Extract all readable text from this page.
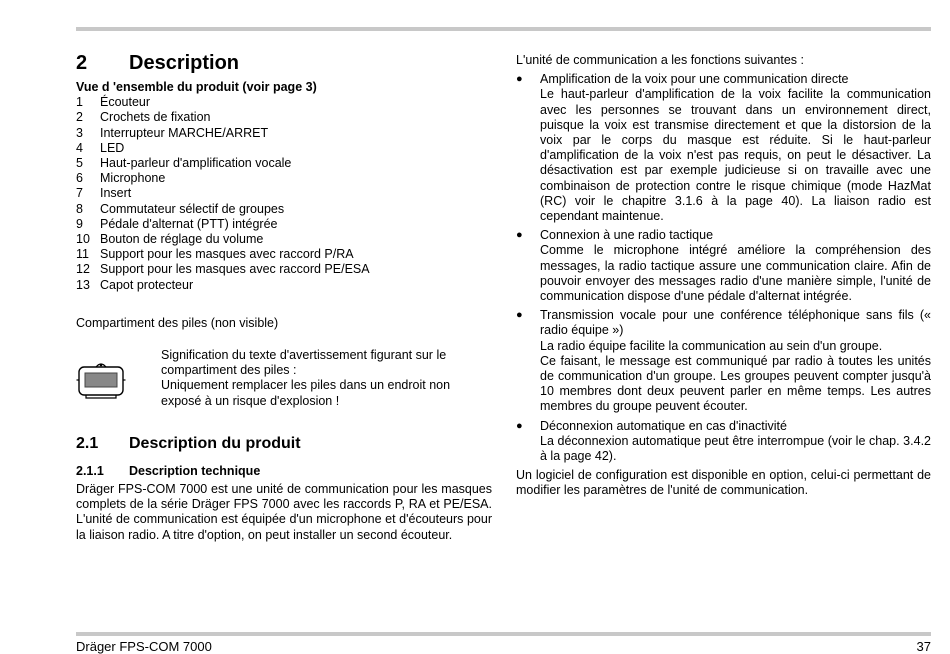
2	Description
Vue d 'ensemble du produit (voir page 3)
1	Écouteur
2	Crochets de fixation
3	Interrupteur MARCHE/ARRET
4	LED
5	Haut-parleur d'amplification vocale
6	Microphone
7	Insert
8	Commutateur sélectif de groupes
9	Pédale d'alternat (PTT) intégrée
10 Bouton de réglage du volume
11 Support pour les masques avec raccord P/RA
12 Support pour les masques avec raccord PE/ESA
13 Capot protecteur
Compartiment des piles (non visible)
Signification du texte d'avertissement figurant sur le compartiment des piles :
Uniquement remplacer les piles dans un endroit non exposé à un risque d'explosion !
2.1	Description du produit
2.1.1	Description technique
Dräger FPS-COM 7000 est une unité de communication pour les masques complets de la série Dräger FPS 7000 avec les raccords P, RA et PE/ESA. L'unité de communication est équipée d'un microphone et d'écouteurs pour la liaison radio. A titre d'option, on peut installer un second écouteur.
L'unité de communication a les fonctions suivantes :
●	Amplification de la voix pour une communication directe
Le haut-parleur d'amplification de la voix facilite la communication avec les personnes se trouvant dans un environnement direct, puisque la voix est transmise directement et que la distorsion de la voix par le corps du masque est réduite. Si le haut-parleur d'amplification de la voix n'est pas requis, on peut le désactiver. La désactivation est par exemple judicieuse si on travaille avec une combinaison de protection contre le risque chimique (mode HazMat (RC) voir le chapitre 3.1.6 à la page 40). La liaison radio est cependant maintenue.
●	Connexion à une radio tactique
Comme le microphone intégré améliore la compréhension des messages, la radio tactique assure une communication claire. Afin de pouvoir envoyer des messages radio d'une manière simple, l'unité de communication dispose d'une pédale d'alternat intégrée.
●	Transmission vocale pour une conférence téléphonique sans fils (« radio équipe »)
La radio équipe facilite la communication au sein d'un groupe.
Ce faisant, le message est communiqué par radio à toutes les unités de communication d'un groupe. Les groupes peuvent compter jusqu'à 10 membres dont deux peuvent parler en même temps. Les autres membres du groupe peuvent écouter.
●	Déconnexion automatique en cas d'inactivité
La déconnexion automatique peut être interrompue (voir le chap. 3.4.2 à la page 42).
Un logiciel de configuration est disponible en option, celui-ci permettant de modifier les paramètres de l'unité de communication.
Dräger FPS-COM 7000	37
